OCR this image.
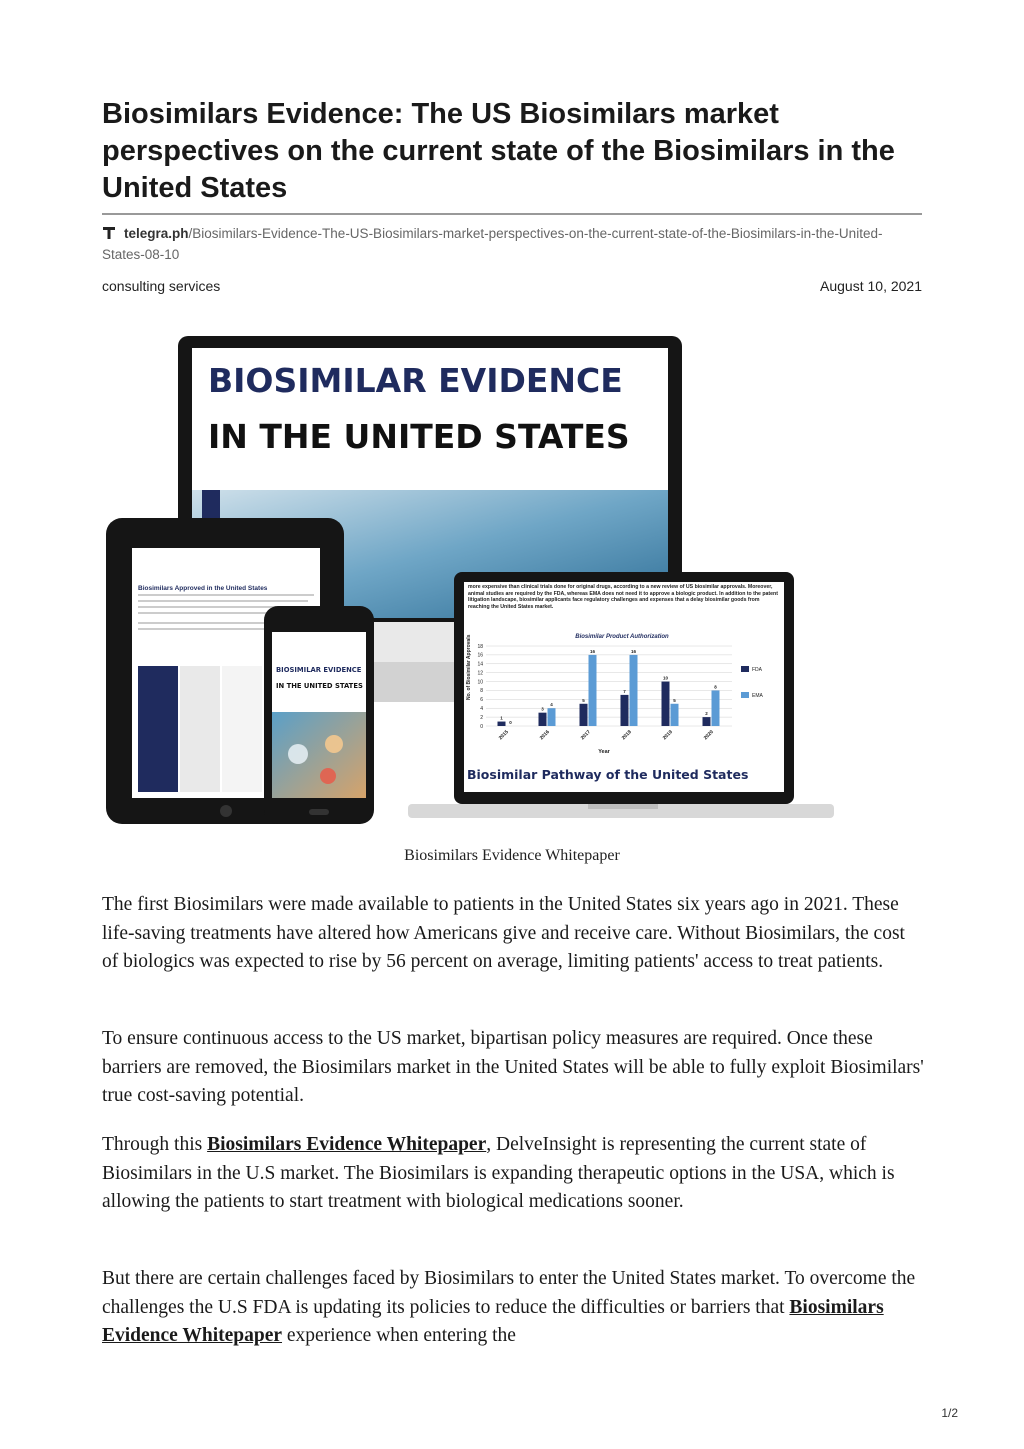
Biosimilars Evidence: The US Biosimilars market perspectives on the current state of the Biosimilars in the United States
telegra.ph/Biosimilars-Evidence-The-US-Biosimilars-market-perspectives-on-the-current-state-of-the-Biosimilars-in-the-United-States-08-10
consulting services	August 10, 2021
BIOSIMILAR EVIDENCE
IN THE UNITED STATES
more expensive than clinical trials done for original drugs, according to a new review of US biosimilar approvals. Moreover, animal studies are required by the FDA, whereas EMA does not need it to approve a biologic product. In addition to the patent litigation landscape, biosimilar applicants face regulatory challenges and expenses that a delay biosimilar goods from reaching the United States market.
Biosimilar Product Authorization
0
2
4
6
8
10
12
14
16
18
1
0
3
4
5
16
7
16
10
5
2
8
2015	2016	2017	2018	2019	2020
FDA
EMA
No. of Biosimilar Approvals
Year
Biosimilar Pathway of the United States
Biosimilars Approved in the United States
BIOSIMILAR EVIDENCE
IN THE UNITED STATES
Biosimilars Evidence Whitepaper

The first Biosimilars were made available to patients in the United States six years ago in 2021. These life-saving treatments have altered how Americans give and receive care. Without Biosimilars, the cost of biologics was expected to rise by 56 percent on average, limiting patients' access to treat patients.

To ensure continuous access to the US market, bipartisan policy measures are required. Once these barriers are removed, the Biosimilars market in the United States will be able to fully exploit Biosimilars' true cost-saving potential.

Through this Biosimilars Evidence Whitepaper, DelveInsight is representing the current state of Biosimilars in the U.S market. The Biosimilars is expanding therapeutic options in the USA, which is allowing the patients to start treatment with biological medications sooner.

But there are certain challenges faced by Biosimilars to enter the United States market. To overcome the challenges the U.S FDA is updating its policies to reduce the difficulties or barriers that Biosimilars Evidence Whitepaper experience when entering the

1/2
